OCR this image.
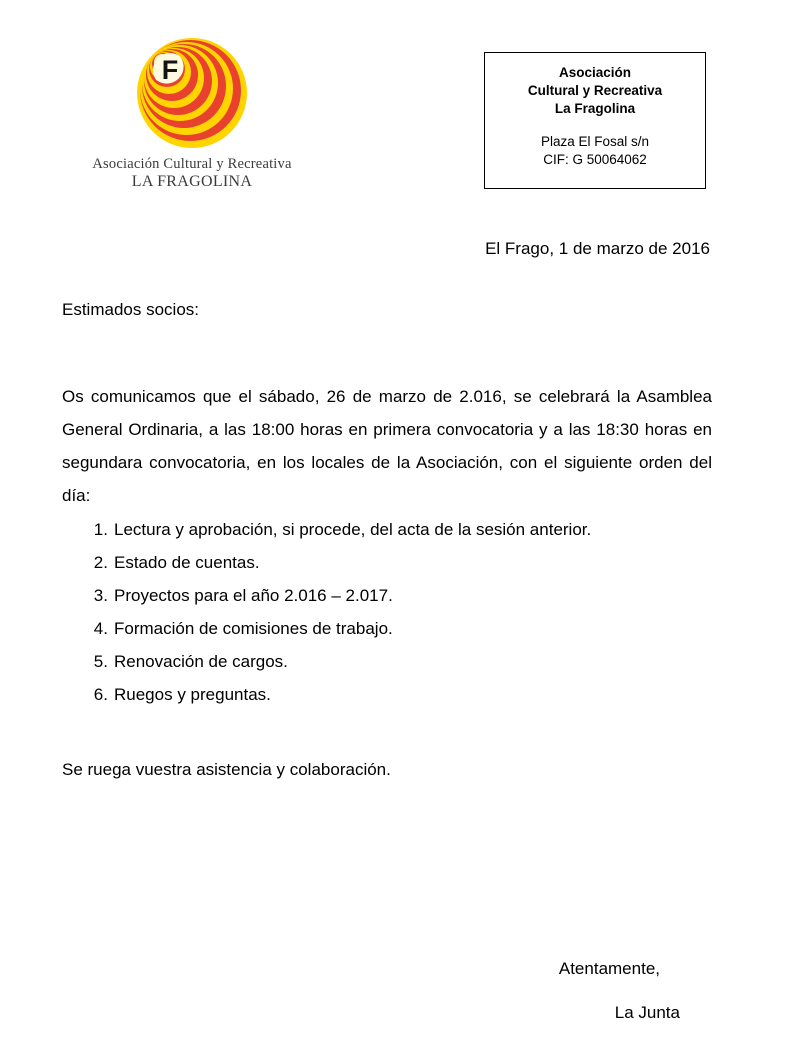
F
Asociación Cultural y Recreativa
LA FRAGOLINA
Asociación
Cultural y Recreativa
La Fragolina
Plaza El Fosal s/n
CIF: G 50064062
El Frago, 1 de marzo de 2016
Estimados socios:

Os comunicamos que el sábado, 26 de marzo de 2.016, se celebrará la Asamblea General Ordinaria, a las 18:00 horas en primera convocatoria y a las 18:30 horas en segundara convocatoria, en los locales de la Asociación, con el siguiente orden del día:

Lectura y aprobación, si procede, del acta de la sesión anterior.
Estado de cuentas.
Proyectos para el año 2.016 – 2.017.
Formación de comisiones de trabajo.
Renovación de cargos.
Ruegos y preguntas.
Se ruega vuestra asistencia y colaboración.
Atentamente,
La Junta
